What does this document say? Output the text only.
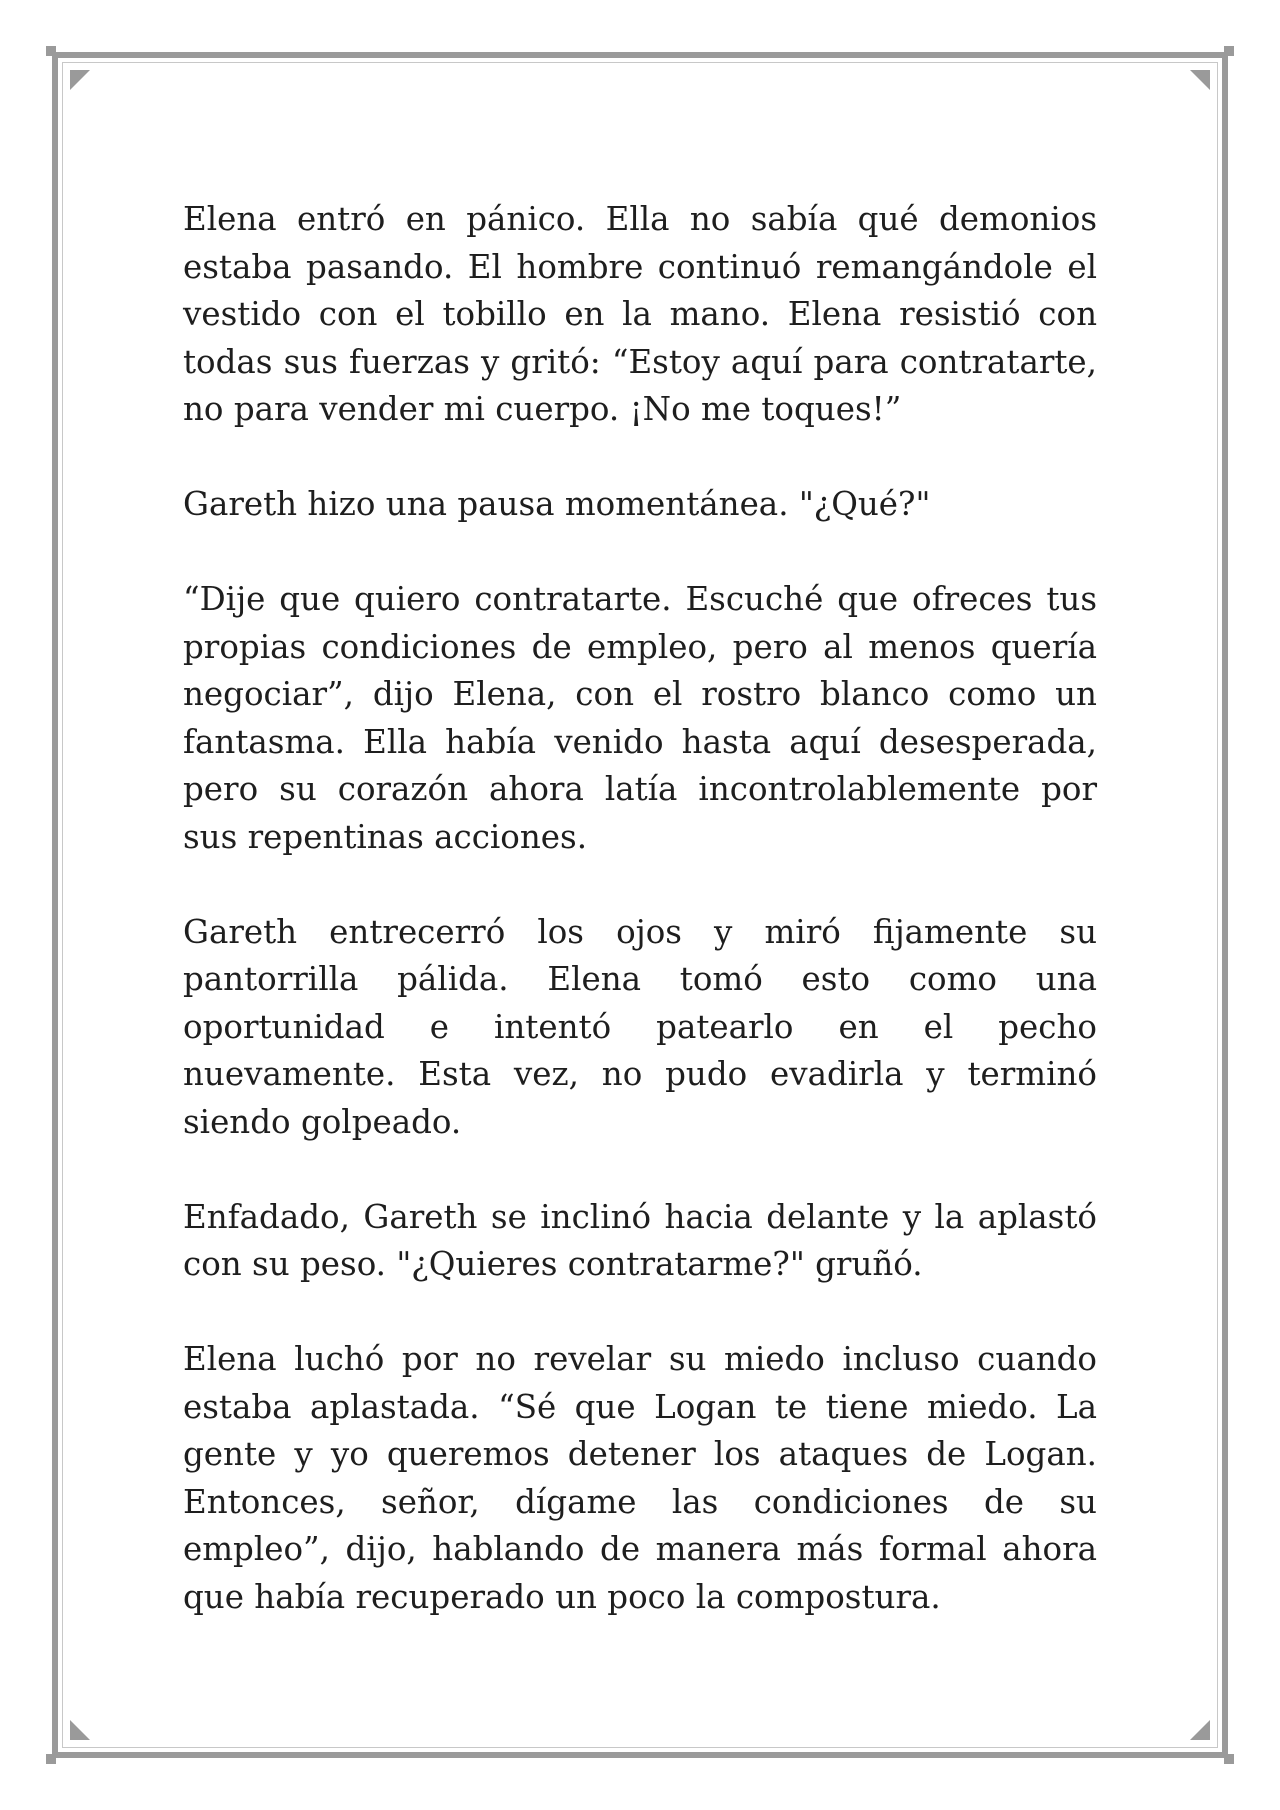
Elena entró en pánico. Ella no sabía qué demonios estaba pasando. El hombre continuó remangándole el vestido con el tobillo en la mano. Elena resistió con todas sus fuerzas y gritó: “Estoy aquí para contratarte, no para vender mi cuerpo. ¡No me toques!”

Gareth hizo una pausa momentánea. "¿Qué?"

“Dije que quiero contratarte. Escuché que ofreces tus propias condiciones de empleo, pero al menos quería negociar”, dijo Elena, con el rostro blanco como un fantasma. Ella había venido hasta aquí desesperada, pero su corazón ahora latía incontrolablemente por sus repentinas acciones.

Gareth entrecerró los ojos y miró fijamente su pantorrilla pálida. Elena tomó esto como una oportunidad e intentó patearlo en el pecho nuevamente. Esta vez, no pudo evadirla y terminó siendo golpeado.

Enfadado, Gareth se inclinó hacia delante y la aplastó con su peso. "¿Quieres contratarme?" gruñó.

Elena luchó por no revelar su miedo incluso cuando estaba aplastada. “Sé que Logan te tiene miedo. La gente y yo queremos detener los ataques de Logan. Entonces, señor, dígame las condiciones de su empleo”, dijo, hablando de manera más formal ahora que había recuperado un poco la compostura.
